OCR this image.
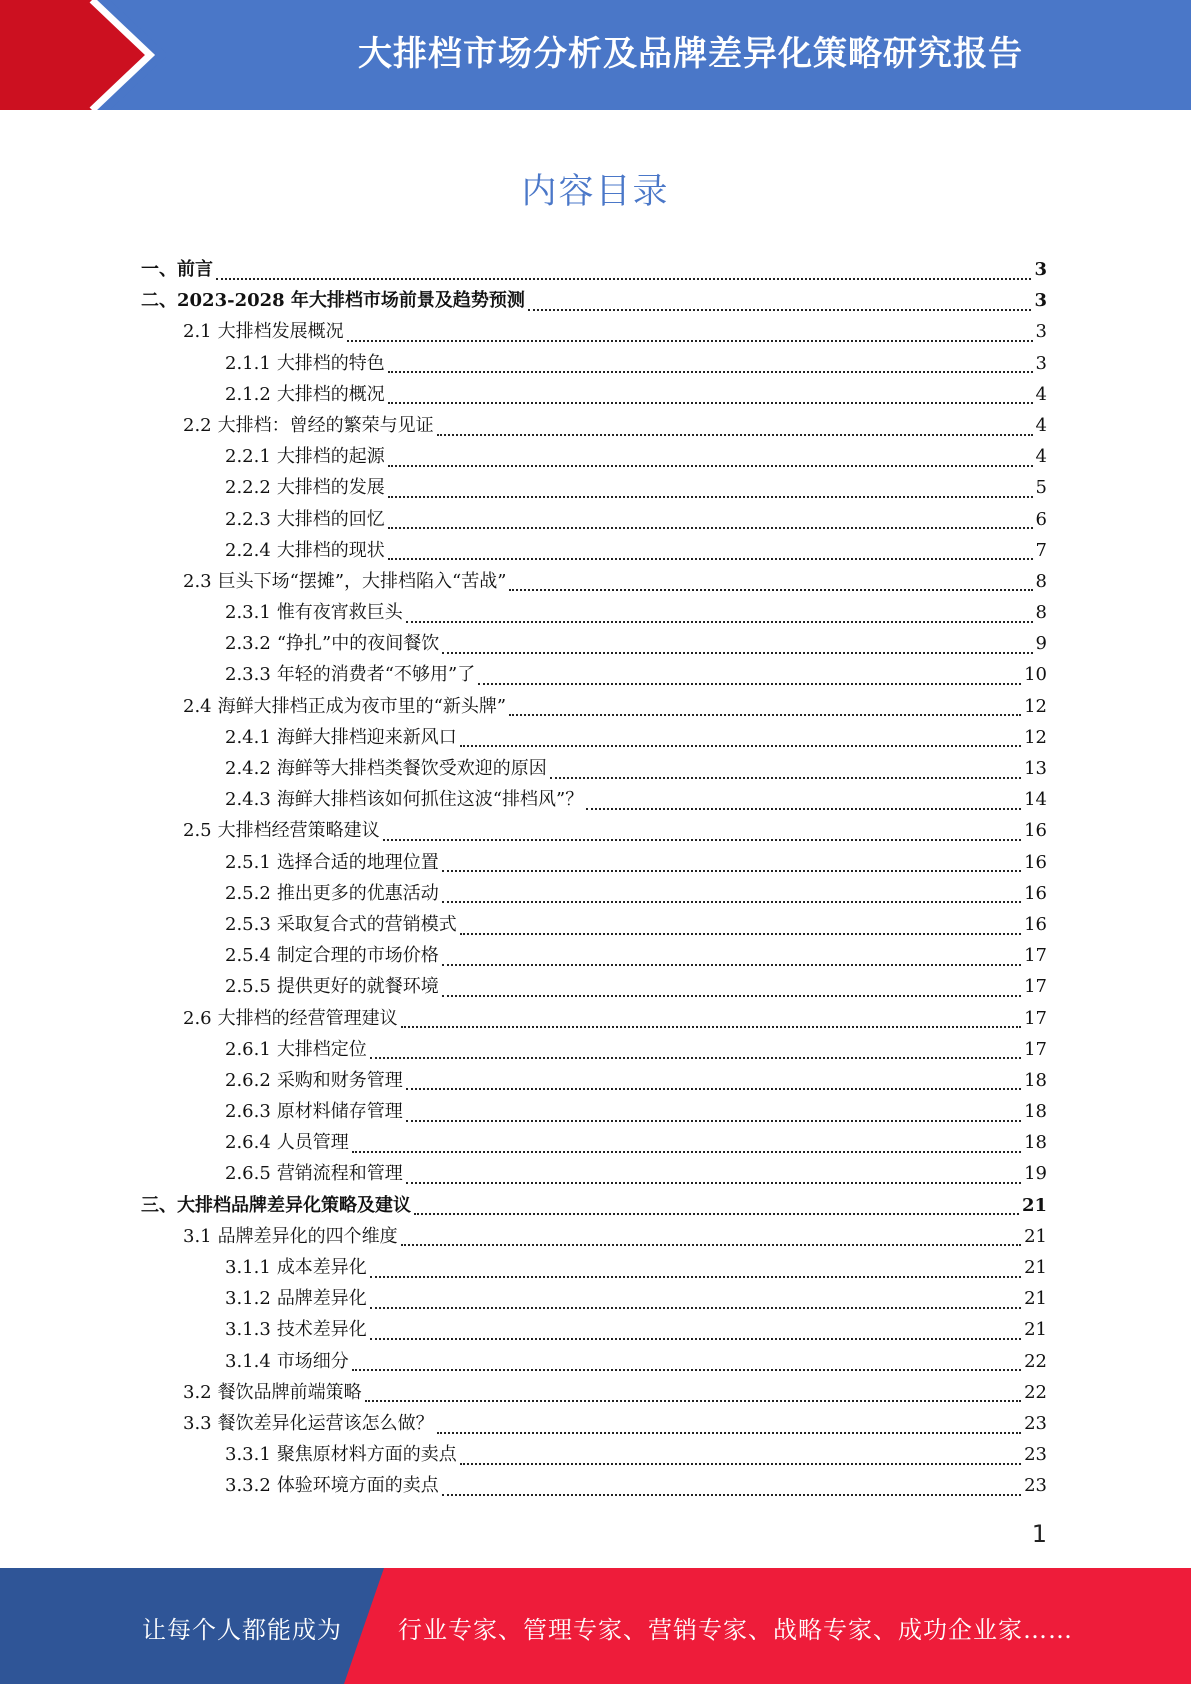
大排档市场分析及品牌差异化策略研究报告
内容目录
一、前言	3
二、2023-2028 年大排档市场前景及趋势预测	3
2.1 大排档发展概况	3
2.1.1 大排档的特色	3
2.1.2 大排档的概况	4
2.2 大排档：曾经的繁荣与见证	4
2.2.1 大排档的起源	4
2.2.2 大排档的发展	5
2.2.3 大排档的回忆	6
2.2.4 大排档的现状	7
2.3 巨头下场“摆摊”，大排档陷入“苦战”	8
2.3.1 惟有夜宵救巨头	8
2.3.2 “挣扎”中的夜间餐饮	9
2.3.3 年轻的消费者“不够用”了	10
2.4 海鲜大排档正成为夜市里的“新头牌”	12
2.4.1 海鲜大排档迎来新风口	12
2.4.2 海鲜等大排档类餐饮受欢迎的原因	13
2.4.3 海鲜大排档该如何抓住这波“排档风”？	14
2.5 大排档经营策略建议	16
2.5.1 选择合适的地理位置	16
2.5.2 推出更多的优惠活动	16
2.5.3 采取复合式的营销模式	16
2.5.4 制定合理的市场价格	17
2.5.5 提供更好的就餐环境	17
2.6 大排档的经营管理建议	17
2.6.1 大排档定位	17
2.6.2 采购和财务管理	18
2.6.3 原材料储存管理	18
2.6.4 人员管理	18
2.6.5 营销流程和管理	19
三、大排档品牌差异化策略及建议	21
3.1 品牌差异化的四个维度	21
3.1.1 成本差异化	21
3.1.2 品牌差异化	21
3.1.3 技术差异化	21
3.1.4 市场细分	22
3.2 餐饮品牌前端策略	22
3.3 餐饮差异化运营该怎么做？	23
3.3.1 聚焦原材料方面的卖点	23
3.3.2 体验环境方面的卖点	23
1
让每个人都能成为 行业专家、管理专家、营销专家、战略专家、成功企业家……
